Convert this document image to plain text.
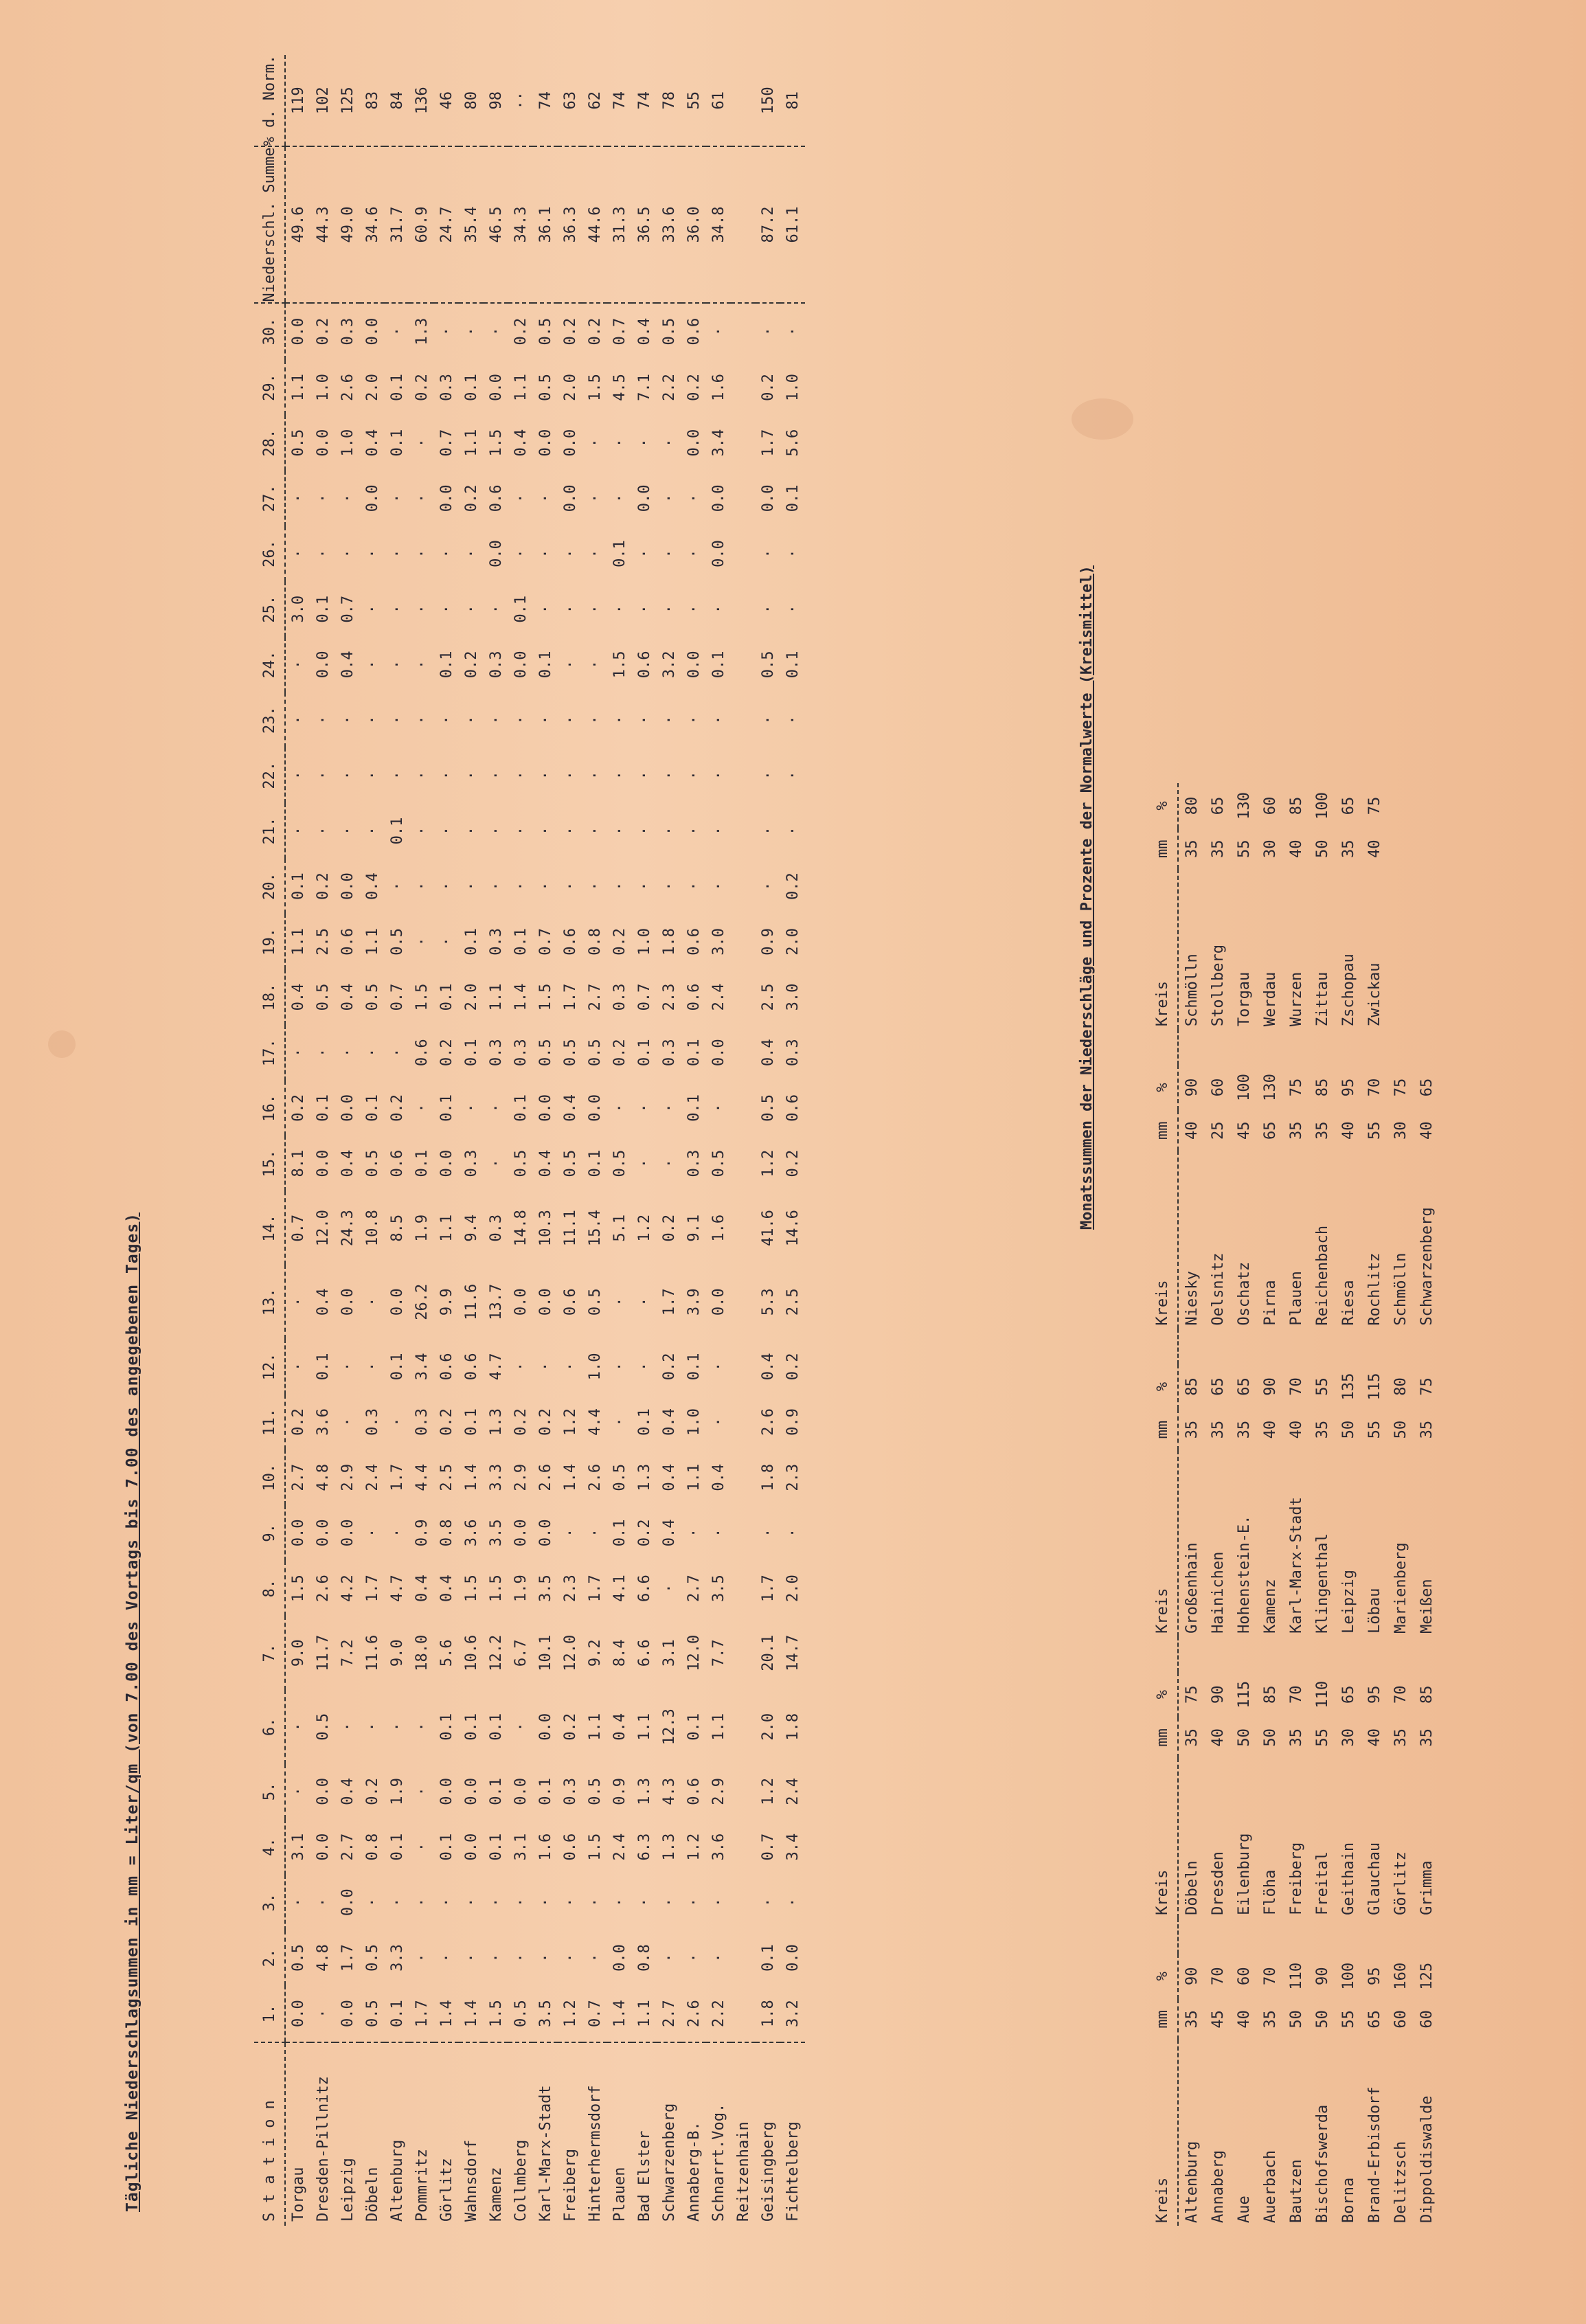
Tägliche Niederschlagsummen in mm = Liter/qm (von 7.00 des Vortags bis 7.00 des angegebenen Tages)	Station	1.	2.	3.	4.	5.	6.	7.	8.	9.	10.	11.	12.	13.	14.	15.	16.	17.	18.	19.	20.	21.	22.	23.	24.	25.	26.	27.	28.	29.	30.	Niederschl. Summe	% d. Norm.
Torgau	0.0	0.5	·	3.1	·	·	9.0	1.5	0.0	2.7	0.2	·	·	0.7	8.1	0.2	·	0.4	1.1	0.1	·	·	·	·	3.0	·	·	0.5	1.1	0.0	49.6	119
Dresden-Pillnitz	·	4.8	·	0.0	0.0	0.5	11.7	2.6	0.0	4.8	3.6	0.1	0.4	12.0	0.0	0.1	·	0.5	2.5	0.2	·	·	·	0.0	0.1	·	·	0.0	1.0	0.2	44.3	102
Leipzig	0.0	1.7	0.0	2.7	0.4	·	7.2	4.2	0.0	2.9	·	·	0.0	24.3	0.4	0.0	·	0.4	0.6	0.0	·	·	·	0.4	0.7	·	·	1.0	2.6	0.3	49.0	125
Döbeln	0.5	0.5	·	0.8	0.2	·	11.6	1.7	·	2.4	0.3	·	·	10.8	0.5	0.1	·	0.5	1.1	0.4	·	·	·	·	·	·	0.0	0.4	2.0	0.0	34.6	83
Altenburg	0.1	3.3	·	0.1	1.9	·	9.0	4.7	·	1.7	·	0.1	0.0	8.5	0.6	0.2	·	0.7	0.5	·	0.1	·	·	·	·	·	·	0.1	0.1	·	31.7	84
Pommritz	1.7	·	·	·	·	·	18.0	0.4	0.9	4.4	0.3	3.4	26.2	1.9	0.1	·	0.6	1.5	·	·	·	·	·	·	·	·	·	·	0.2	1.3	60.9	136
Görlitz	1.4	·	·	0.1	0.0	0.1	5.6	0.4	0.8	2.5	0.2	0.6	9.9	1.1	0.0	0.1	0.2	0.1	·	·	·	·	·	0.1	·	·	0.0	0.7	0.3	·	24.7	46
Wahnsdorf	1.4	·	·	0.0	0.0	0.1	10.6	1.5	3.6	1.4	0.1	0.6	11.6	9.4	0.3	·	0.1	2.0	0.1	·	·	·	·	0.2	·	·	0.2	1.1	0.1	·	35.4	80
Kamenz	1.5	·	·	0.1	0.1	0.1	12.2	1.5	3.5	3.3	1.3	4.7	13.7	0.3	·	·	0.3	1.1	0.3	·	·	·	·	0.3	·	0.0	0.6	1.5	0.0	·	46.5	98
Collmberg	0.5	·	·	3.1	0.0	·	6.7	1.9	0.0	2.9	0.2	·	0.0	14.8	0.5	0.1	0.3	1.4	0.1	·	·	·	·	0.0	0.1	·	·	0.4	1.1	0.2	34.3	··
Karl-Marx-Stadt	3.5	·	·	1.6	0.1	0.0	10.1	3.5	0.0	2.6	0.2	·	0.0	10.3	0.4	0.0	0.5	1.5	0.7	·	·	·	·	0.1	·	·	·	0.0	0.5	0.5	36.1	74
Freiberg	1.2	·	·	0.6	0.3	0.2	12.0	2.3	·	1.4	1.2	·	0.6	11.1	0.5	0.4	0.5	1.7	0.6	·	·	·	·	·	·	·	0.0	0.0	2.0	0.2	36.3	63
Hinterhermsdorf	0.7	·	·	1.5	0.5	1.1	9.2	1.7	·	2.6	4.4	1.0	0.5	15.4	0.1	0.0	0.5	2.7	0.8	·	·	·	·	·	·	·	·	·	1.5	0.2	44.6	62
Plauen	1.4	0.0	·	2.4	0.9	0.4	8.4	4.1	0.1	0.5	·	·	·	5.1	0.5	·	0.2	0.3	0.2	·	·	·	·	1.5	·	0.1	·	·	4.5	0.7	31.3	74
Bad Elster	1.1	0.8	·	6.3	1.3	1.1	6.6	6.6	0.2	1.3	0.1	·	·	1.2	·	·	0.1	0.7	1.0	·	·	·	·	0.6	·	·	0.0	·	7.1	0.4	36.5	74
Schwarzenberg	2.7	·	·	1.3	4.3	12.3	3.1	·	0.4	0.4	0.4	0.2	1.7	0.2	·	·	0.3	2.3	1.8	·	·	·	·	3.2	·	·	·	·	2.2	0.5	33.6	78
Annaberg-B.	2.6	·	·	1.2	0.6	0.1	12.0	2.7	·	1.1	1.0	0.1	3.9	9.1	0.3	0.1	0.1	0.6	0.6	·	·	·	·	0.0	·	·	·	0.0	0.2	0.6	36.0	55
Schnarrt.Vog.	2.2	·	·	3.6	2.9	1.1	7.7	3.5	·	0.4	·	·	0.0	1.6	0.5	·	0.0	2.4	3.0	·	·	·	·	0.1	·	0.0	0.0	3.4	1.6	·	34.8	61
Reitzenhain																																
Geisingberg	1.8	0.1	·	0.7	1.2	2.0	20.1	1.7	·	1.8	2.6	0.4	5.3	41.6	1.2	0.5	0.4	2.5	0.9	·	·	·	·	0.5	·	·	0.0	1.7	0.2	·	87.2	150
Fichtelberg	3.2	0.0	·	3.4	2.4	1.8	14.7	2.0	·	2.3	0.9	0.2	2.5	14.6	0.2	0.6	0.3	3.0	2.0	0.2	·	·	·	0.1	·	·	0.1	5.6	1.0	·	61.1	81
Monatssummen der Niederschläge und Prozente der Normalwerte (Kreismittel)
Kreis	mm	%		Kreis	mm	%		Kreis	mm	%		Kreis	mm	%		Kreis	mm	%
Altenburg	35	90		Döbeln	35	75		Großenhain	35	85		Niesky	40	90		Schmölln	35	80
Annaberg	45	70		Dresden	40	90		Hainichen	35	65		Oelsnitz	25	60		Stollberg	35	65
Aue	40	60		Eilenburg	50	115		Hohenstein-E.	35	65		Oschatz	45	100		Torgau	55	130
Auerbach	35	70		Flöha	50	85		Kamenz	40	90		Pirna	65	130		Werdau	30	60
Bautzen	50	110		Freiberg	35	70		Karl-Marx-Stadt	40	70		Plauen	35	75		Wurzen	40	85
Bischofswerda	50	90		Freital	55	110		Klingenthal	35	55		Reichenbach	35	85		Zittau	50	100
Borna	55	100		Geithain	30	65		Leipzig	50	135		Riesa	40	95		Zschopau	35	65
Brand-Erbisdorf	65	95		Glauchau	40	95		Löbau	55	115		Rochlitz	55	70		Zwickau	40	75
Delitzsch	60	160		Görlitz	35	70		Marienberg	50	80		Schmölln	30	75				
Dippoldiswalde	60	125		Grimma	35	85		Meißen	35	75		Schwarzenberg	40	65				
